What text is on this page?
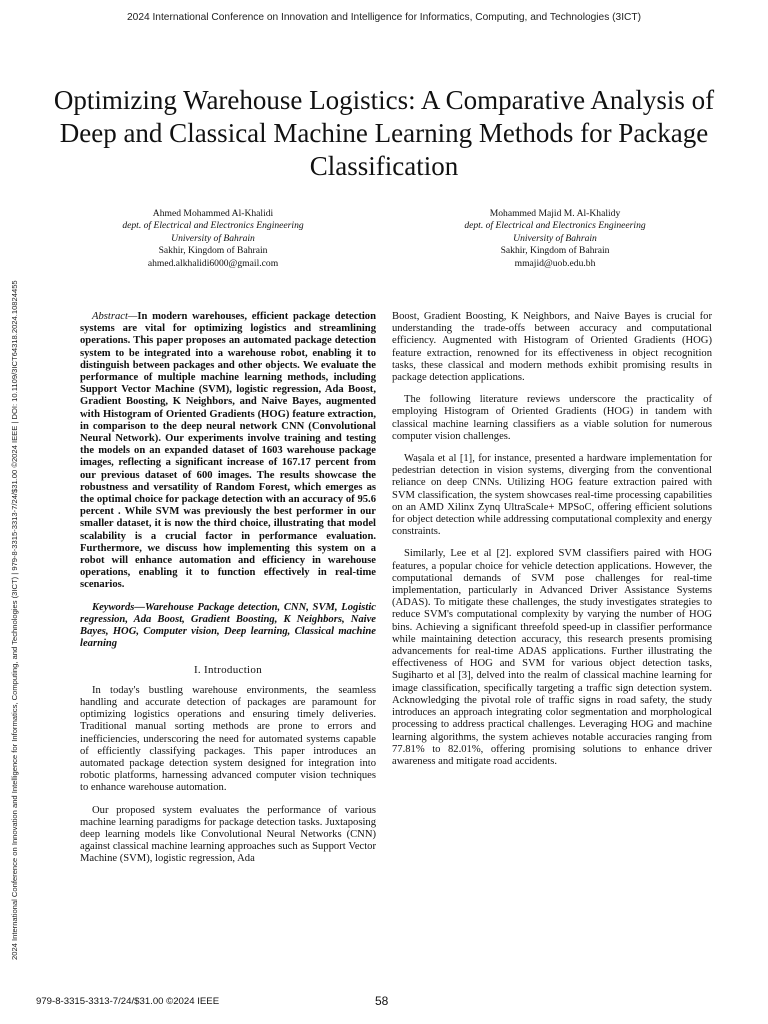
2024 International Conference on Innovation and Intelligence for Informatics, Computing, and Technologies (3ICT)
2024 International Conference on Innovation and Intelligence for Informatics, Computing, and Technologies (3ICT) | 979-8-3315-3313-7/24/$31.00 ©2024 IEEE | DOI: 10.1109/3ICT64318.2024.10824455
Optimizing Warehouse Logistics: A Comparative Analysis of Deep and Classical Machine Learning Methods for Package Classification
Ahmed Mohammed Al-Khalidi
dept. of Electrical and Electronics Engineering
University of Bahrain
Sakhir, Kingdom of Bahrain
ahmed.alkhalidi6000@gmail.com
Mohammed Majid M. Al-Khalidy
dept. of Electrical and Electronics Engineering
University of Bahrain
Sakhir, Kingdom of Bahrain
mmajid@uob.edu.bh

Abstract—In modern warehouses, efficient package detection systems are vital for optimizing logistics and streamlining operations. This paper proposes an automated package detection system to be integrated into a warehouse robot, enabling it to distinguish between packages and other objects. We evaluate the performance of multiple machine learning methods, including Support Vector Machine (SVM), logistic regression, Ada Boost, Gradient Boosting, K Neighbors, and Naive Bayes, augmented with Histogram of Oriented Gradients (HOG) feature extraction, in comparison to the deep neural network CNN (Convolutional Neural Network). Our experiments involve training and testing the models on an expanded dataset of 1603 warehouse package images, reflecting a significant increase of 167.17 percent from our previous dataset of 600 images. The results showcase the robustness and versatility of Random Forest, which emerges as the optimal choice for package detection with an accuracy of 95.6 percent . While SVM was previously the best performer in our smaller dataset, it is now the third choice, illustrating that model scalability is a crucial factor in performance evaluation. Furthermore, we discuss how implementing this system on a robot will enhance automation and efficiency in warehouse operations, enabling it to function effectively in real-time scenarios.

Keywords—Warehouse Package detection, CNN, SVM, Logistic regression, Ada Boost, Gradient Boosting, K Neighbors, Naive Bayes, HOG, Computer vision, Deep learning, Classical machine learning

I. Introduction

In today's bustling warehouse environments, the seamless handling and accurate detection of packages are paramount for optimizing logistics operations and ensuring timely deliveries. Traditional manual sorting methods are prone to errors and inefficiencies, underscoring the need for automated systems capable of efficiently classifying packages. This paper introduces an automated package detection system designed for integration into robotic platforms, harnessing advanced computer vision techniques to enhance warehouse automation.

Our proposed system evaluates the performance of various machine learning paradigms for package detection tasks. Juxtaposing deep learning models like Convolutional Neural Networks (CNN) against classical machine learning approaches such as Support Vector Machine (SVM), logistic regression, Ada

Boost, Gradient Boosting, K Neighbors, and Naive Bayes is crucial for understanding the trade-offs between accuracy and computational efficiency. Augmented with Histogram of Oriented Gradients (HOG) feature extraction, renowned for its effectiveness in object recognition tasks, these classical and modern methods exhibit promising results in package detection applications.

The following literature reviews underscore the practicality of employing Histogram of Oriented Gradients (HOG) in tandem with classical machine learning classifiers as a viable solution for numerous computer vision challenges.

Waṣala et al [1], for instance, presented a hardware implementation for pedestrian detection in vision systems, diverging from the conventional reliance on deep CNNs. Utilizing HOG feature extraction paired with SVM classification, the system showcases real-time processing capabilities on an AMD Xilinx Zynq UltraScale+ MPSoC, offering efficient solutions for object detection while addressing computational complexity and energy constraints.

Similarly, Lee et al [2]. explored SVM classifiers paired with HOG features, a popular choice for vehicle detection applications. However, the computational demands of SVM pose challenges for real-time implementation, particularly in Advanced Driver Assistance Systems (ADAS). To mitigate these challenges, the study investigates strategies to reduce SVM's computational complexity by varying the number of HOG bins. Achieving a significant threefold speed-up in classifier performance while maintaining detection accuracy, this research presents promising advancements for real-time ADAS applications. Further illustrating the effectiveness of HOG and SVM for various object detection tasks, Sugiharto et al [3], delved into the realm of classical machine learning for image classification, specifically targeting a traffic sign detection system. Acknowledging the pivotal role of traffic signs in road safety, the study introduces an approach integrating color segmentation and morphological processing to address practical challenges. Leveraging HOG and machine learning algorithms, the system achieves notable accuracies ranging from 77.81% to 82.01%, offering promising solutions to enhance driver awareness and mitigate road accidents.

979-8-3315-3313-7/24/$31.00 ©2024 IEEE	58
